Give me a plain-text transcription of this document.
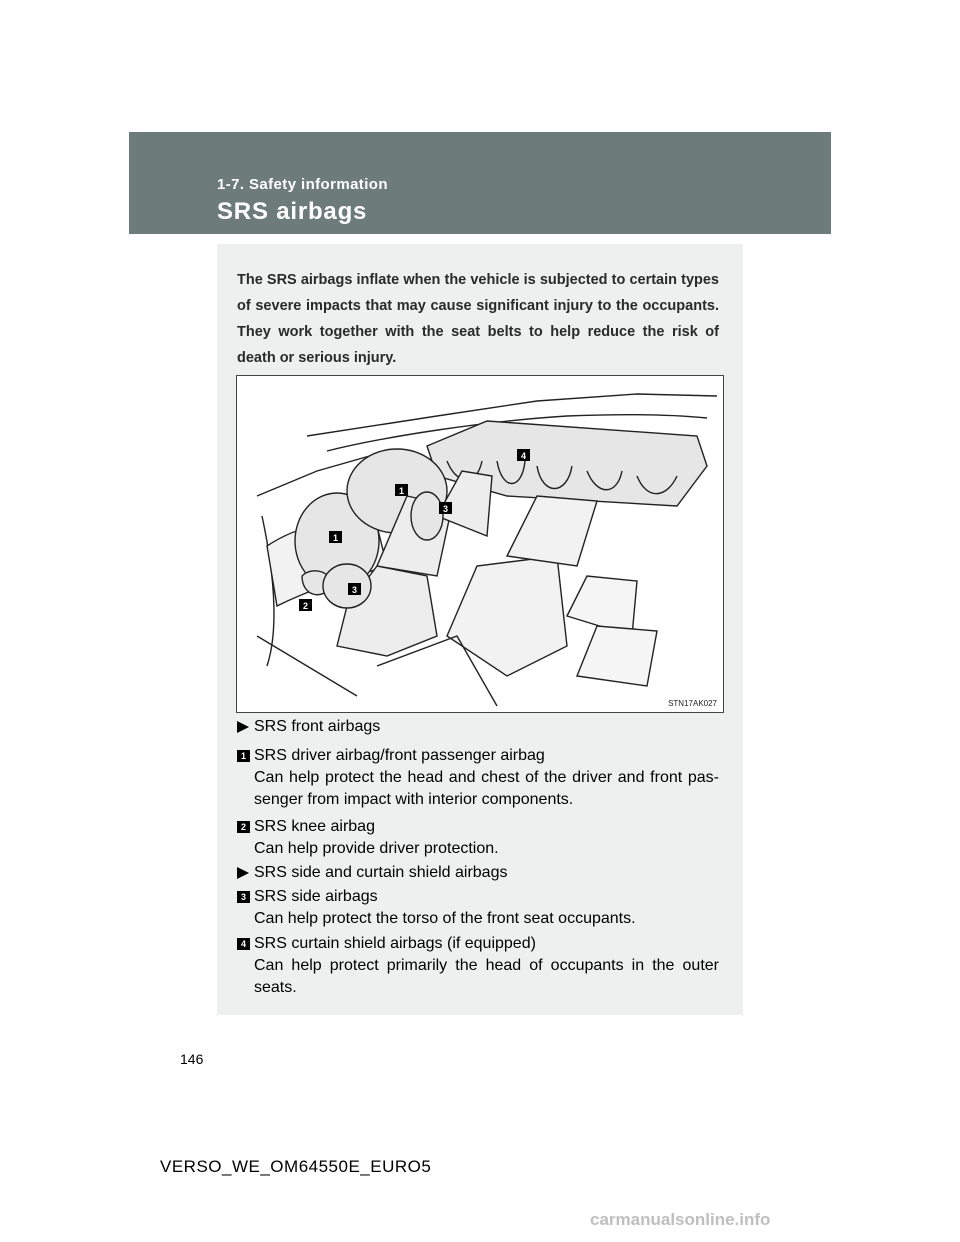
1-7. Safety information
SRS airbags
The SRS airbags inflate when the vehicle is subjected to certain types of severe impacts that may cause significant injury to the occupants. They work together with the seat belts to help reduce the risk of death or serious injury.
1
1
2
3
3
4
STN17AK027
SRS front airbags
1 SRS driver airbag/front passenger airbag
Can help protect the head and chest of the driver and front pas-senger from impact with interior components.
2 SRS knee airbag
Can help provide driver protection.
SRS side and curtain shield airbags
3 SRS side airbags
Can help protect the torso of the front seat occupants.
4 SRS curtain shield airbags (if equipped)
Can help protect primarily the head of occupants in the outer seats.
146
VERSO_WE_OM64550E_EURO5
carmanualsonline.info
